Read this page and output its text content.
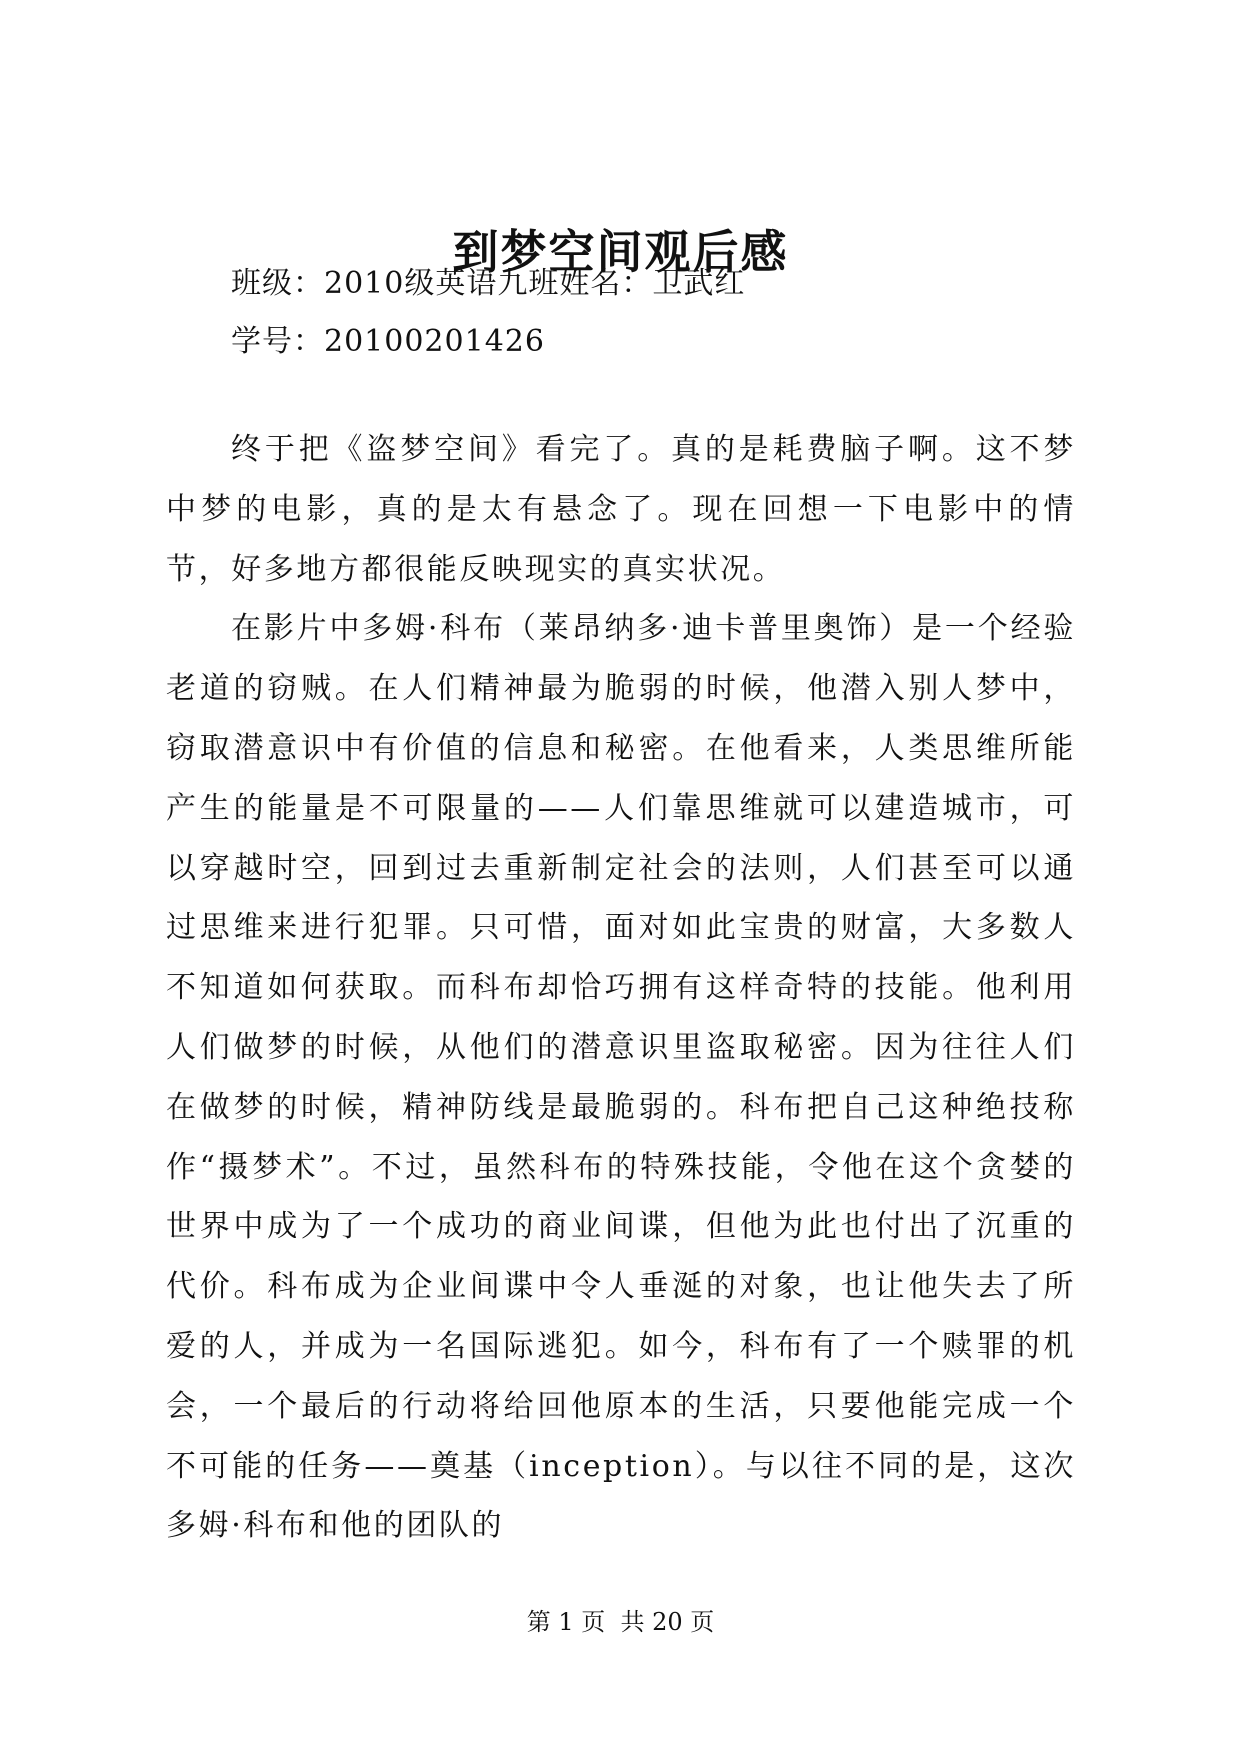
到梦空间观后感
班级：2010级英语九班姓名：卫武红
学号：20100201426

终于把《盗梦空间》看完了。真的是耗费脑子啊。这不梦中梦的电影，真的是太有悬念了。现在回想一下电影中的情节，好多地方都很能反映现实的真实状况。

在影片中多姆·科布（莱昂纳多·迪卡普里奥饰）是一个经验老道的窃贼。在人们精神最为脆弱的时候，他潜入别人梦中，窃取潜意识中有价值的信息和秘密。在他看来，人类思维所能产生的能量是不可限量的——人们靠思维就可以建造城市，可以穿越时空，回到过去重新制定社会的法则，人们甚至可以通过思维来进行犯罪。只可惜，面对如此宝贵的财富，大多数人不知道如何获取。而科布却恰巧拥有这样奇特的技能。他利用人们做梦的时候，从他们的潜意识里盗取秘密。因为往往人们在做梦的时候，精神防线是最脆弱的。科布把自己这种绝技称作“摄梦术”。不过，虽然科布的特殊技能，令他在这个贪婪的世界中成为了一个成功的商业间谍，但他为此也付出了沉重的代价。科布成为企业间谍中令人垂涎的对象，也让他失去了所爱的人，并成为一名国际逃犯。如今，科布有了一个赎罪的机会，一个最后的行动将给回他原本的生活，只要他能完成一个不可能的任务——奠基（inception）。与以往不同的是，这次多姆·科布和他的团队的

第 1 页  共 20 页
